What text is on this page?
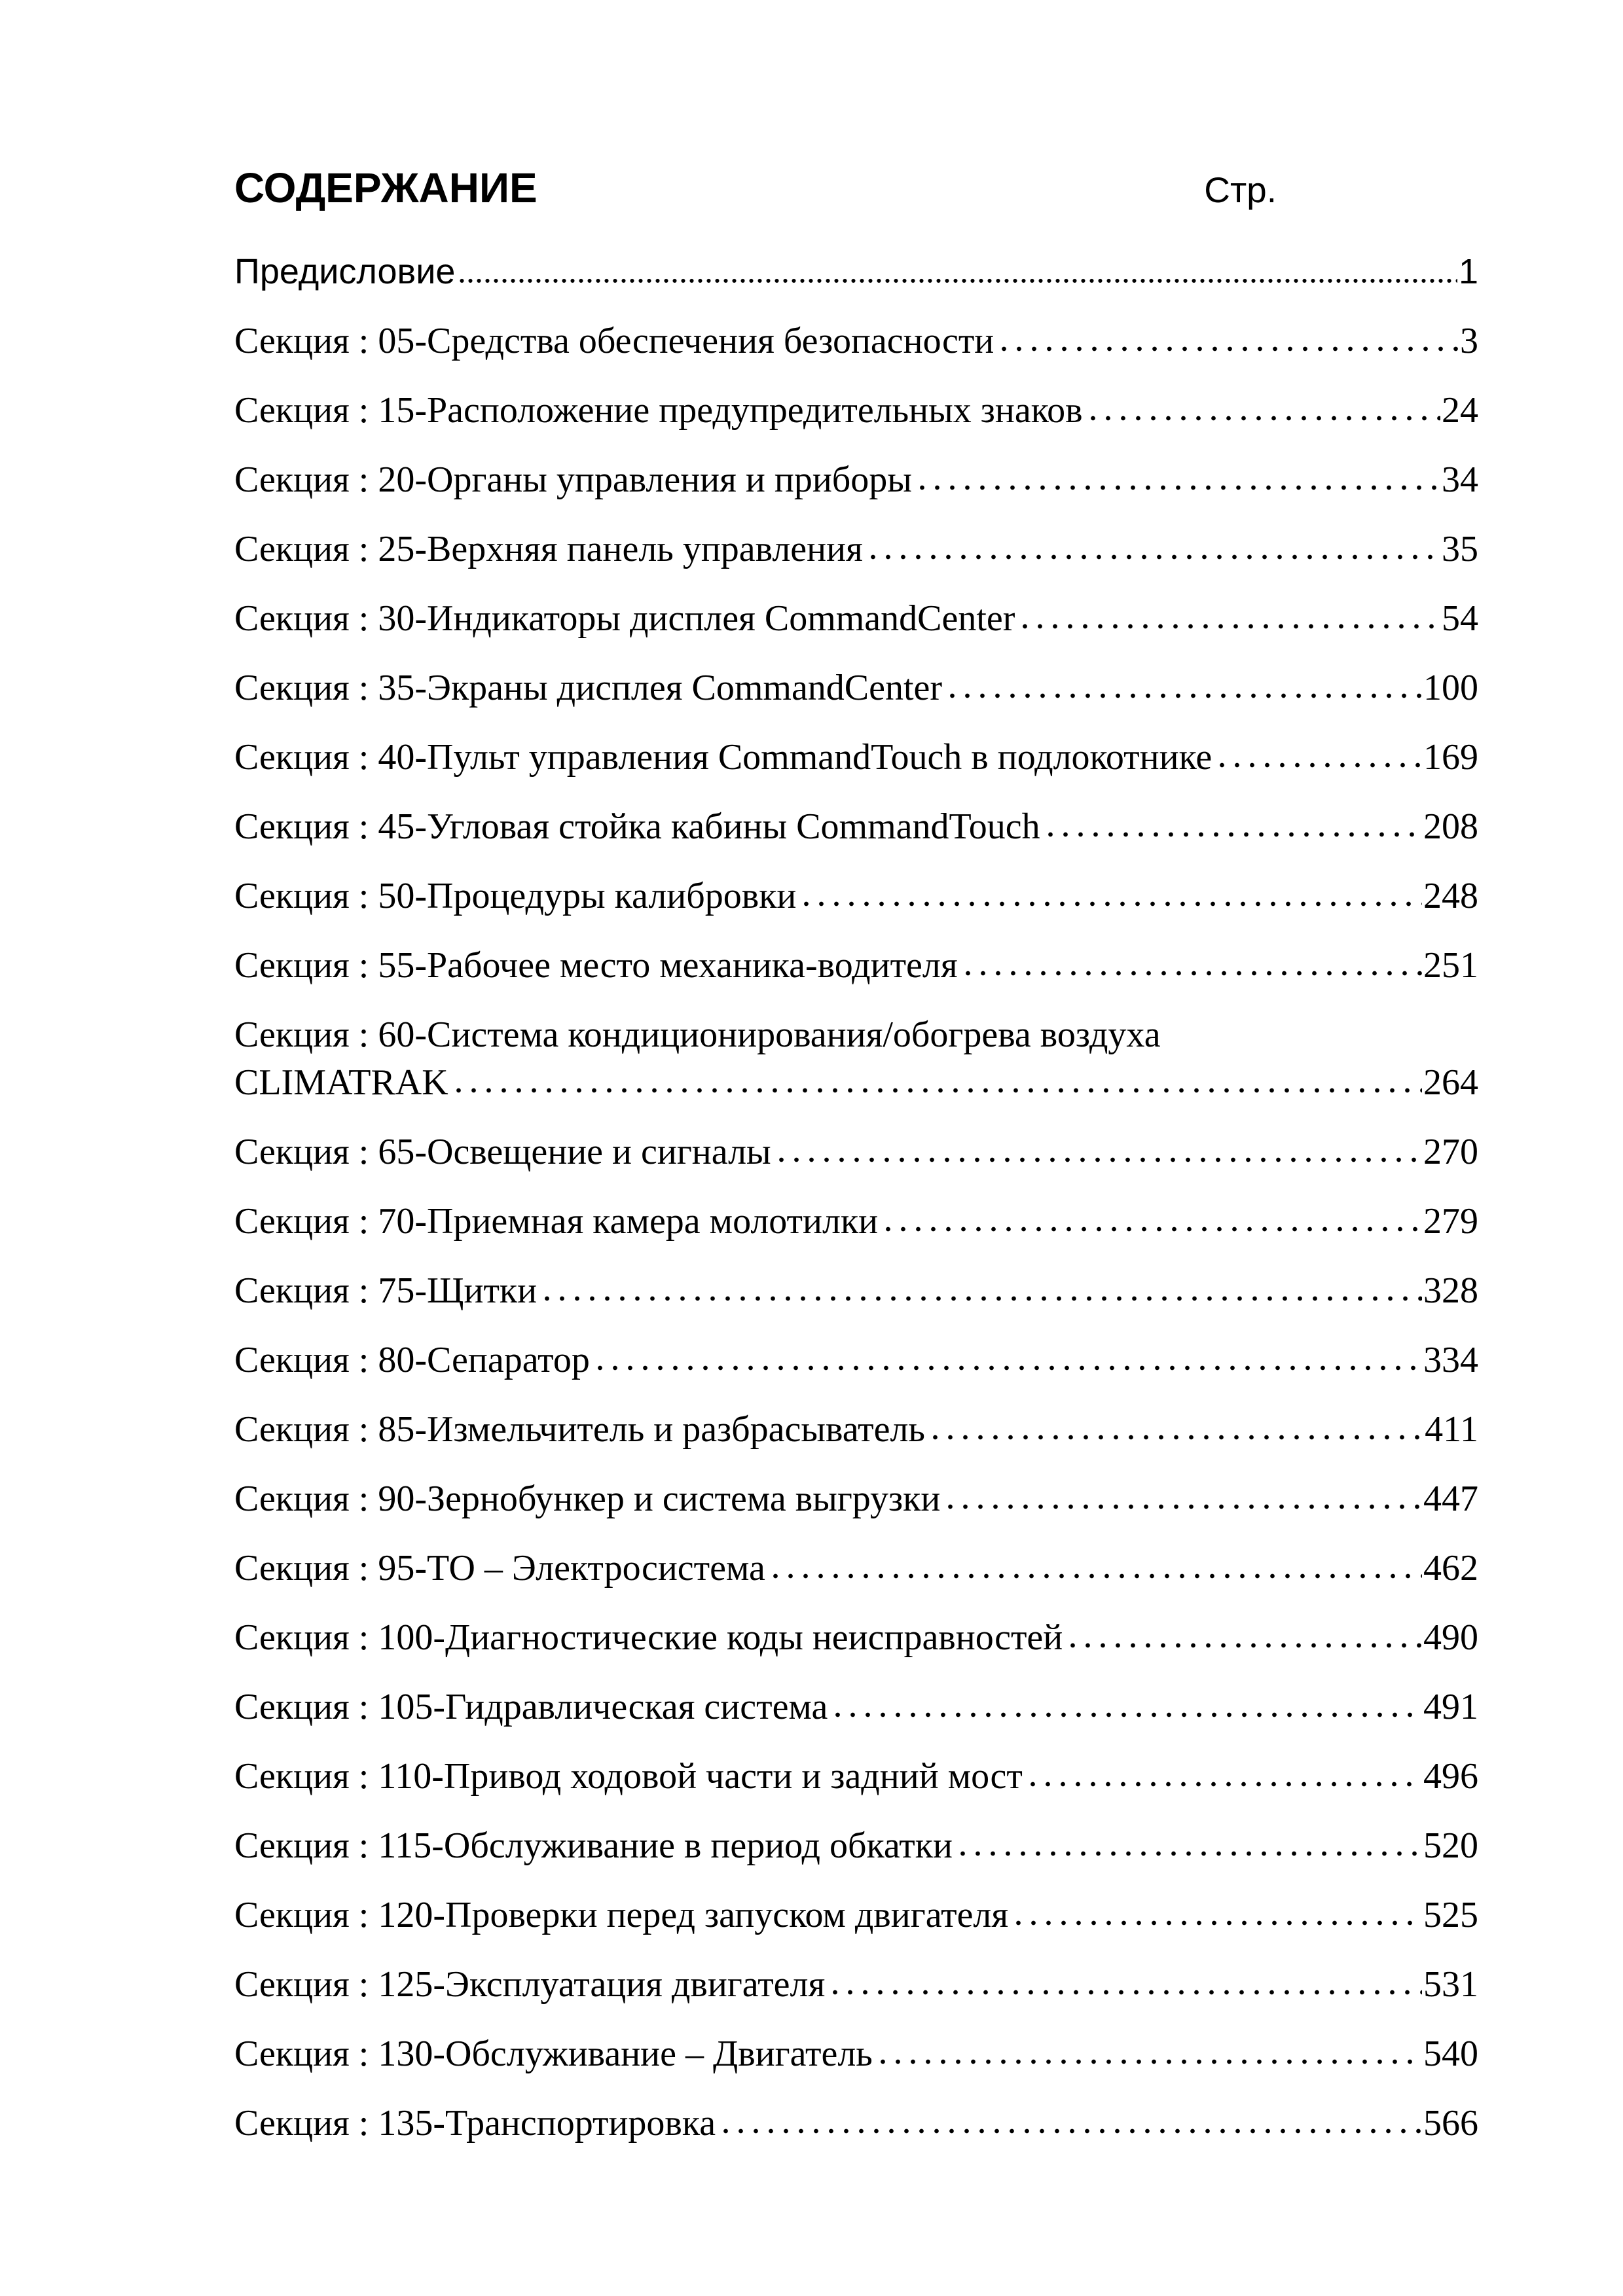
СОДЕРЖАНИЕ	Стр.
Предисловие	1
Секция : 05-Средства обеспечения безопасности	3
Секция : 15-Расположение предупредительных знаков	24
Секция : 20-Органы управления и приборы	34
Секция : 25-Верхняя панель управления	35
Секция : 30-Индикаторы дисплея CommandCenter	54
Секция : 35-Экраны дисплея CommandCenter	100
Секция : 40-Пульт управления CommandTouch в подлокотнике	169
Секция : 45-Угловая стойка кабины CommandTouch	208
Секция : 50-Процедуры калибровки	248
Секция : 55-Рабочее место механика-водителя	251
Секция : 60-Система кондиционирования/обогрева воздуха
CLIMATRAK	264
Секция : 65-Освещение и сигналы	270
Секция : 70-Приемная камера молотилки	279
Секция : 75-Щитки	328
Секция : 80-Сепаратор	334
Секция : 85-Измельчитель и разбрасыватель	411
Секция : 90-Зернобункер и система выгрузки	447
Секция : 95-ТО – Электросистема	462
Секция : 100-Диагностические коды неисправностей	490
Секция : 105-Гидравлическая система	491
Секция : 110-Привод ходовой части и задний мост	496
Секция : 115-Обслуживание в период обкатки	520
Секция : 120-Проверки перед запуском двигателя	525
Секция : 125-Эксплуатация двигателя	531
Секция : 130-Обслуживание – Двигатель	540
Секция : 135-Транспортировка	566
